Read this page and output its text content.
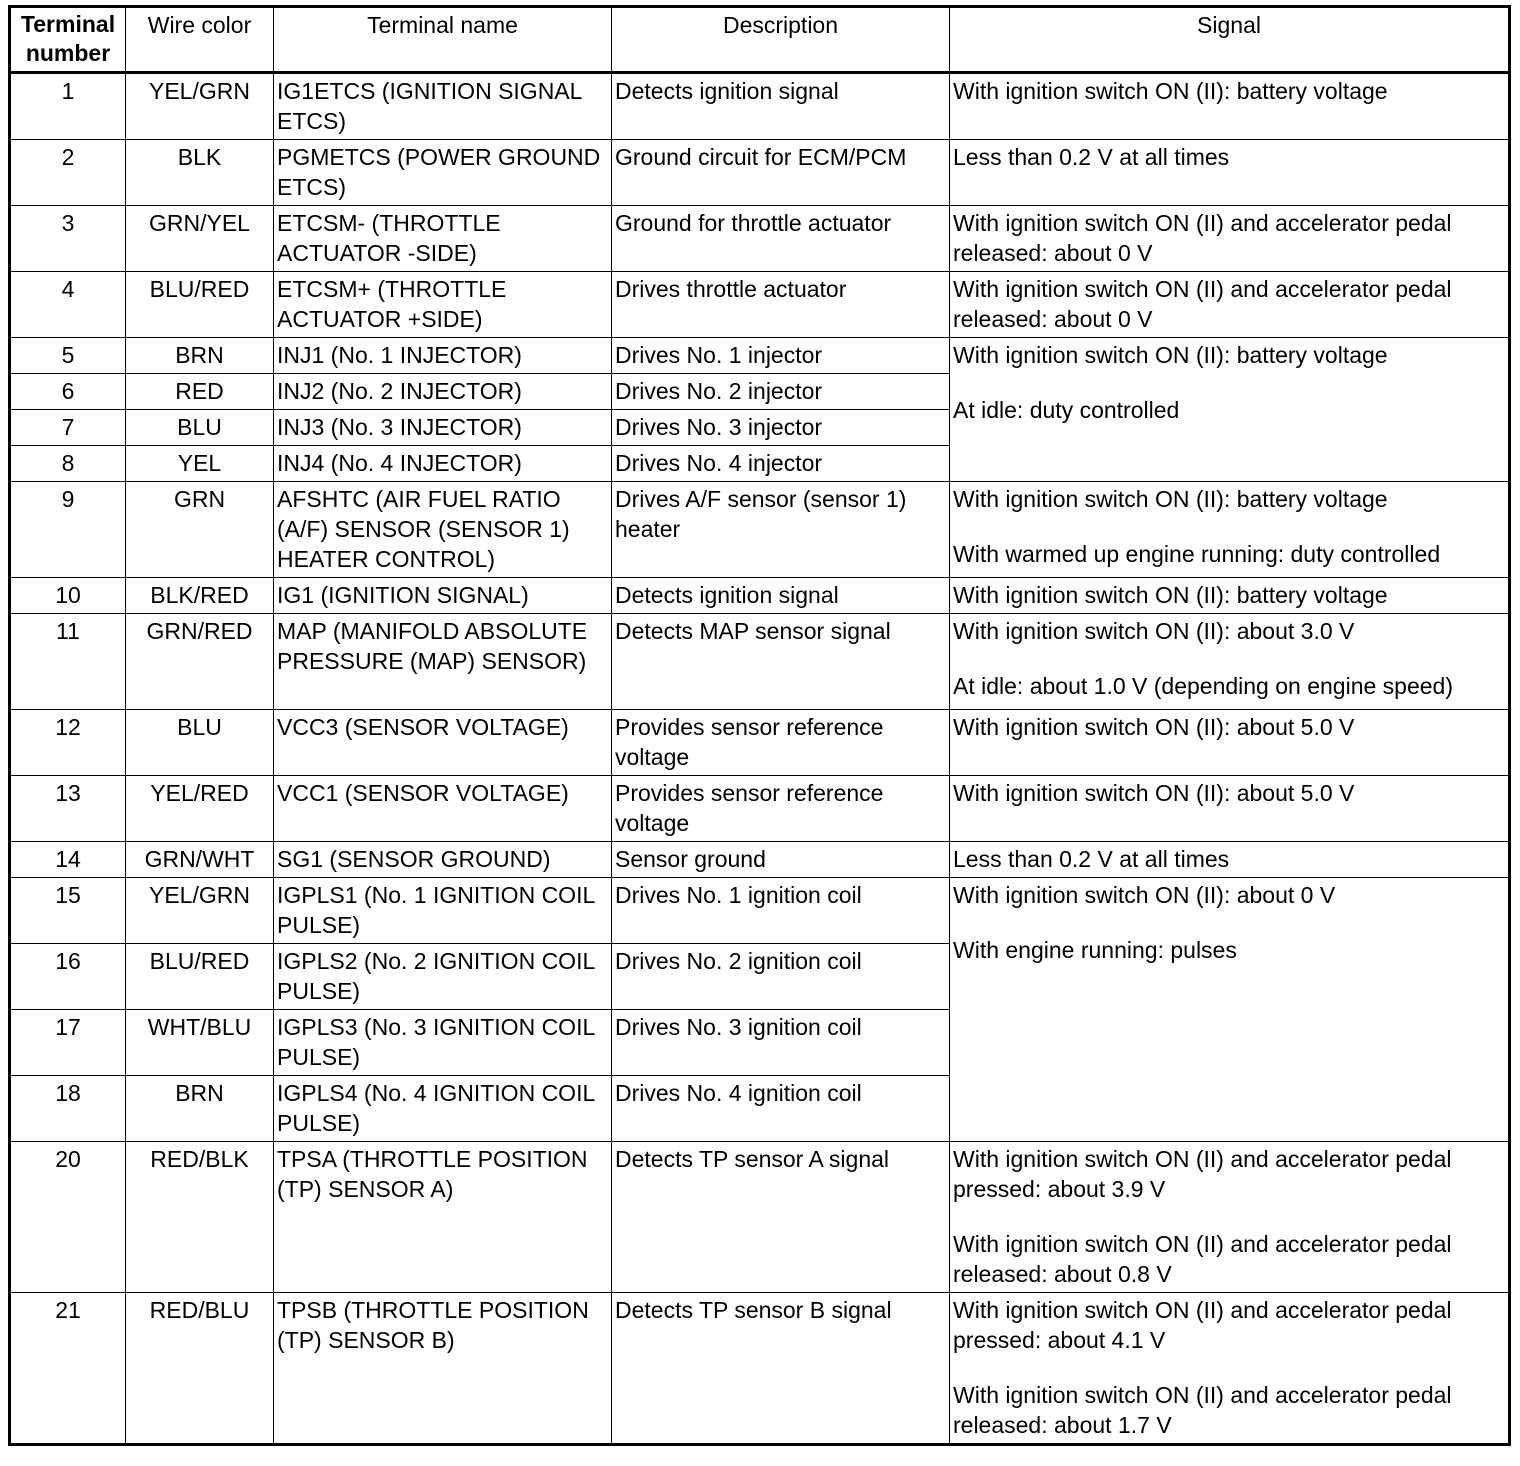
Terminal
number	Wire color	Terminal name	Description	Signal
1	YEL/GRN	IG1ETCS (IGNITION SIGNAL ETCS)	Detects ignition signal	With ignition switch ON (II): battery voltage

2	BLK	PGMETCS (POWER GROUND ETCS)	Ground circuit for ECM/PCM	Less than 0.2 V at all times

3	GRN/YEL	ETCSM- (THROTTLE ACTUATOR -SIDE)	Ground for throttle actuator	With ignition switch ON (II) and accelerator pedal released: about 0 V

4	BLU/RED	ETCSM+ (THROTTLE ACTUATOR +SIDE)	Drives throttle actuator	With ignition switch ON (II) and accelerator pedal released: about 0 V

5	BRN	INJ1 (No. 1 INJECTOR)	Drives No. 1 injector	With ignition switch ON (II): battery voltage
At idle: duty controlled

6	RED	INJ2 (No. 2 INJECTOR)	Drives No. 2 injector	
7	BLU	INJ3 (No. 3 INJECTOR)	Drives No. 3 injector	
8	YEL	INJ4 (No. 4 INJECTOR)	Drives No. 4 injector	
9	GRN	AFSHTC (AIR FUEL RATIO (A/F) SENSOR (SENSOR 1) HEATER CONTROL)	Drives A/F sensor (sensor 1)   heater	With ignition switch ON (II): battery voltage
With warmed up engine running: duty controlled

10	BLK/RED	IG1 (IGNITION SIGNAL)	Detects ignition signal	With ignition switch ON (II): battery voltage

11	GRN/RED	MAP (MANIFOLD ABSOLUTE PRESSURE (MAP) SENSOR)	Detects MAP sensor signal	With ignition switch ON (II): about 3.0 V
At idle: about 1.0 V (depending on engine speed)

12	BLU	VCC3 (SENSOR VOLTAGE)	Provides sensor reference voltage	With ignition switch ON (II): about 5.0 V

13	YEL/RED	VCC1 (SENSOR VOLTAGE)	Provides sensor reference voltage	With ignition switch ON (II): about 5.0 V

14	GRN/WHT	SG1 (SENSOR GROUND)	Sensor ground	Less than 0.2 V at all times

15	YEL/GRN	IGPLS1 (No. 1 IGNITION COIL PULSE)	Drives No. 1 ignition coil	With ignition switch ON (II): about 0 V
With engine running: pulses

16	BLU/RED	IGPLS2 (No. 2 IGNITION COIL PULSE)	Drives No. 2 ignition coil	
17	WHT/BLU	IGPLS3 (No. 3 IGNITION COIL PULSE)	Drives No. 3 ignition coil	
18	BRN	IGPLS4 (No. 4 IGNITION COIL PULSE)	Drives No. 4 ignition coil	
20	RED/BLK	TPSA (THROTTLE POSITION (TP) SENSOR A)	Detects TP sensor A signal	With ignition switch ON (II) and accelerator pedal pressed: about 3.9 V
With ignition switch ON (II) and accelerator pedal released: about 0.8 V

21	RED/BLU	TPSB (THROTTLE POSITION (TP) SENSOR B)	Detects TP sensor B signal	With ignition switch ON (II) and accelerator pedal pressed: about 4.1 V
With ignition switch ON (II) and accelerator pedal released: about 1.7 V
